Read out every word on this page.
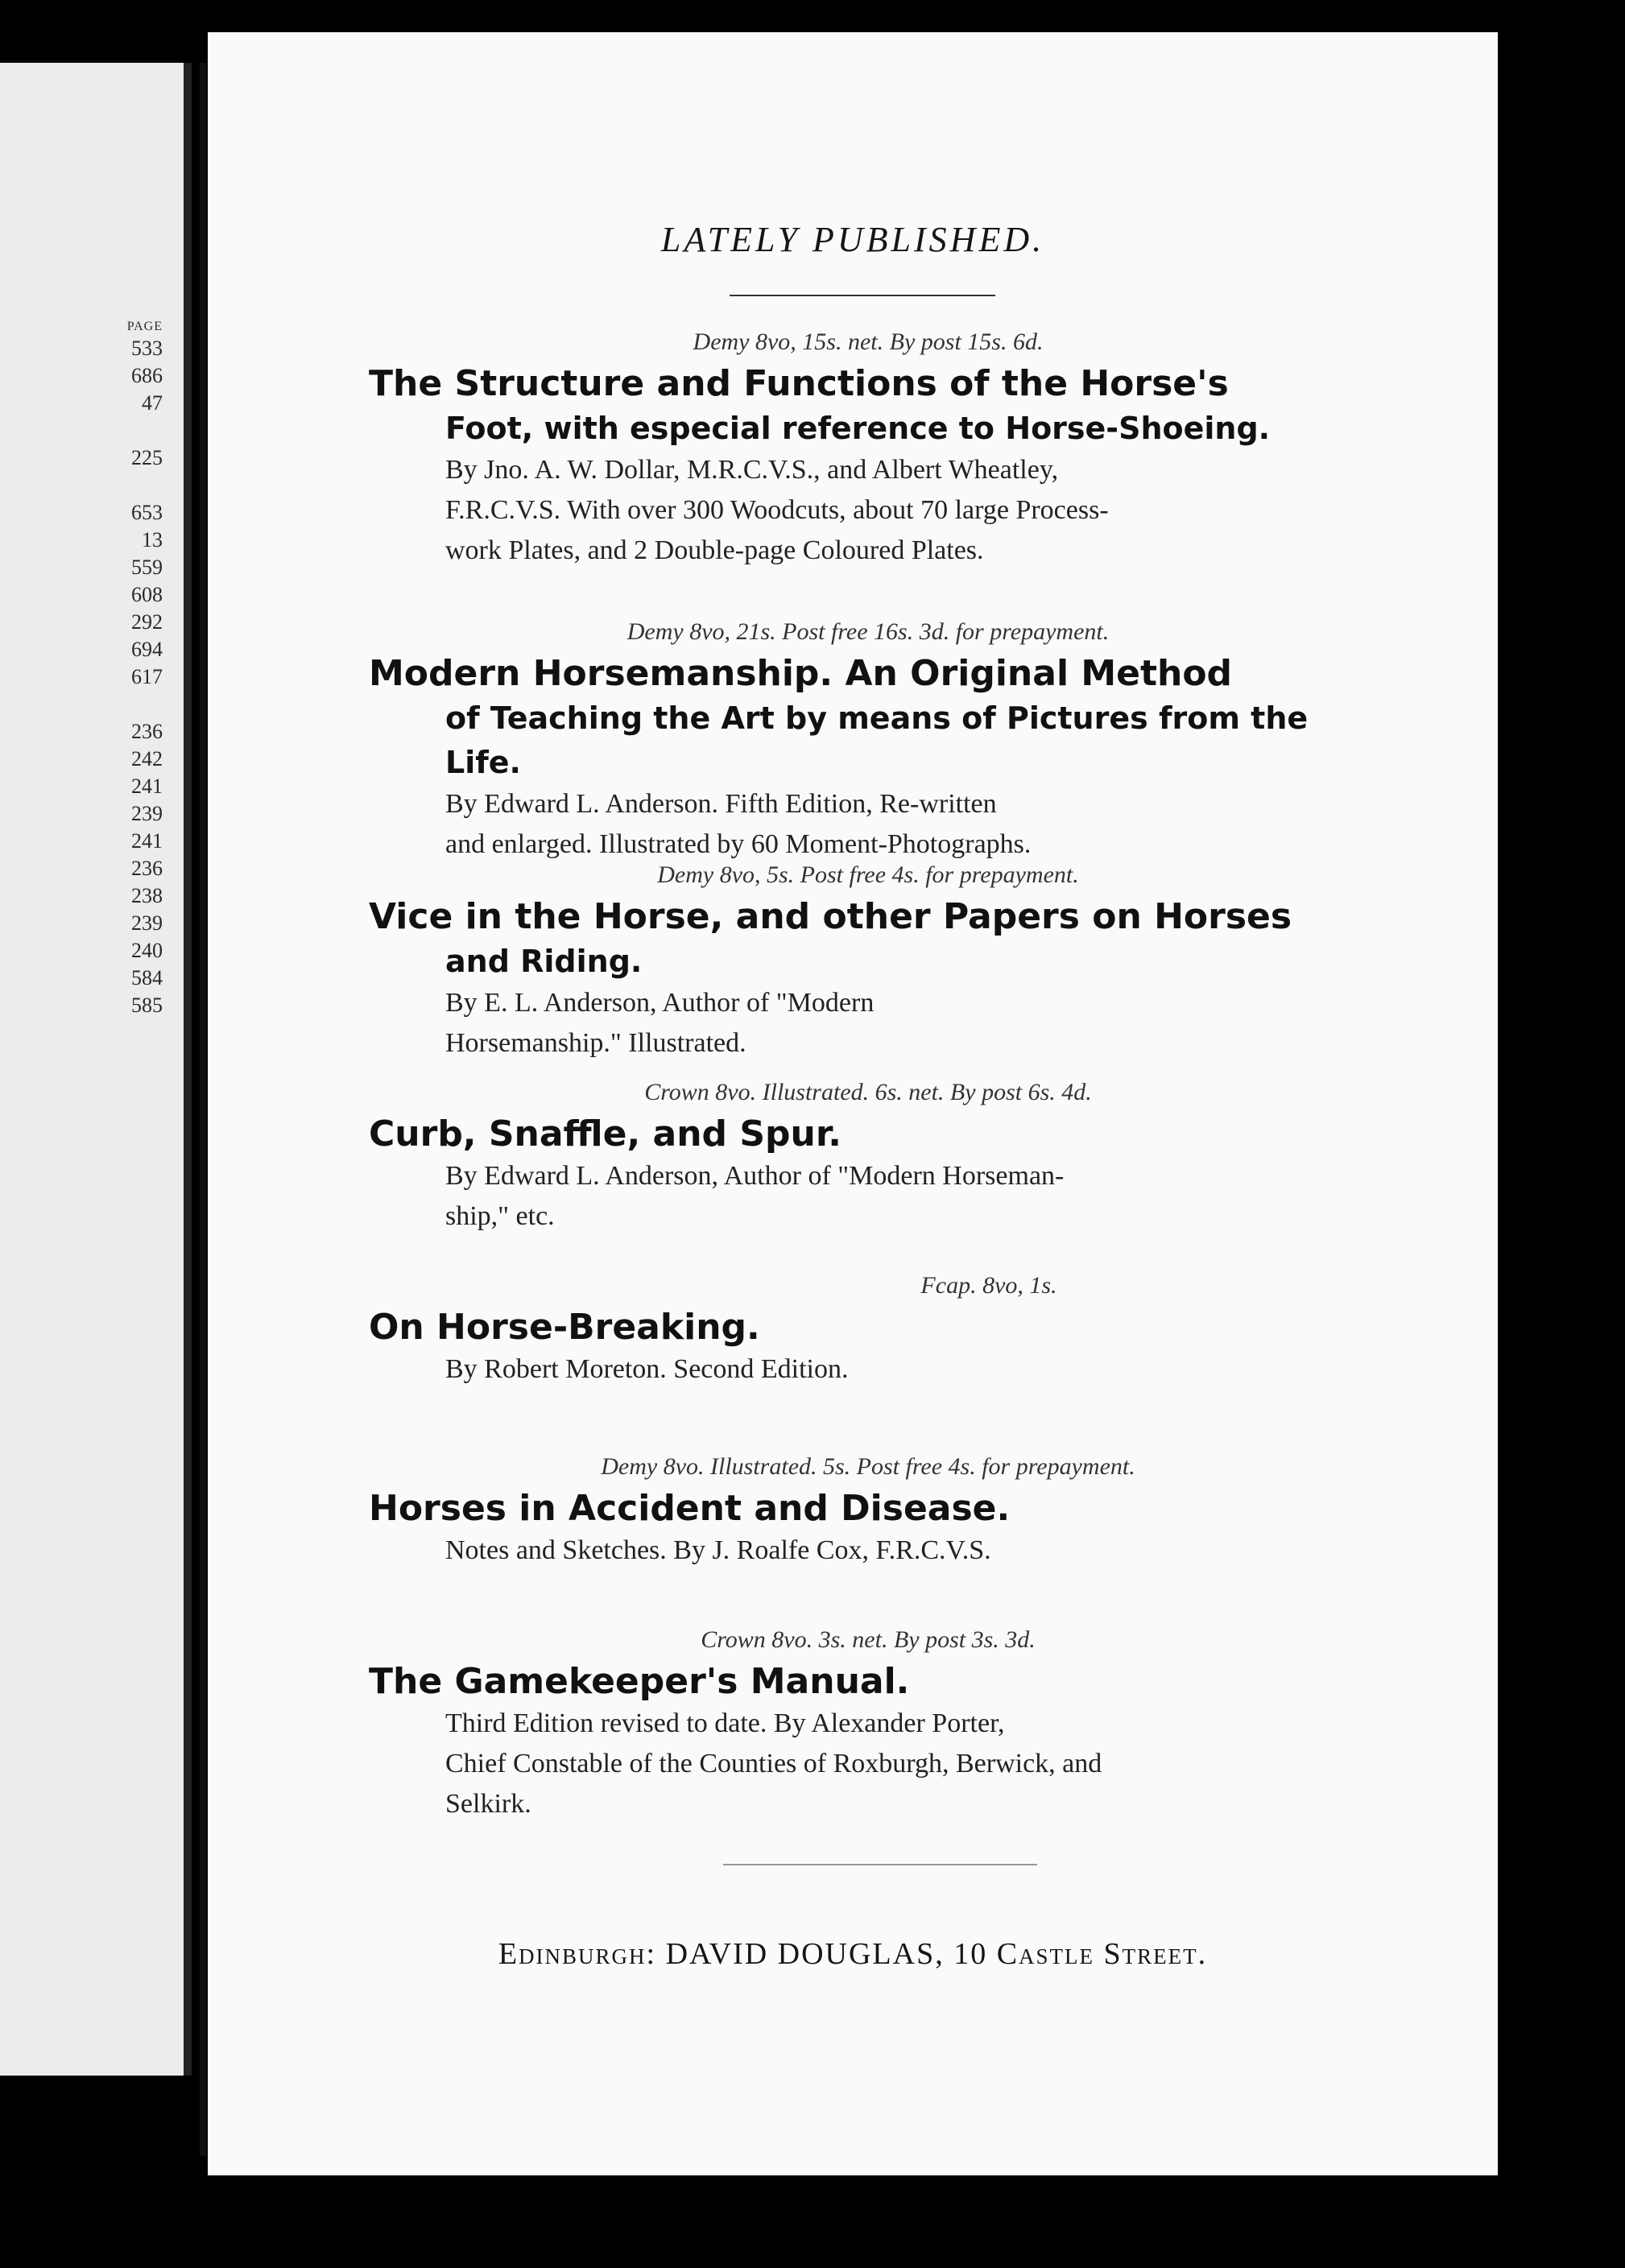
PAGE
533
686
47
225
653
13
559
608
292
694
617
236
242
241
239
241
236
238
239
240
584
585
LATELY PUBLISHED.
Demy 8vo, 15s. net. By post 15s. 6d.
The Structure and Functions of the Horse's
Foot, with especial reference to Horse-Shoeing.
By Jno. A. W. Dollar, M.R.C.V.S., and Albert Wheatley,
F.R.C.V.S. With over 300 Woodcuts, about 70 large Process-
work Plates, and 2 Double-page Coloured Plates.
Demy 8vo, 21s. Post free 16s. 3d. for prepayment.
Modern Horsemanship. An Original Method
of Teaching the Art by means of Pictures from the
Life.
By Edward L. Anderson. Fifth Edition, Re-written
and enlarged. Illustrated by 60 Moment-Photographs.
Demy 8vo, 5s. Post free 4s. for prepayment.
Vice in the Horse, and other Papers on Horses
and Riding.
By E. L. Anderson, Author of "Modern
Horsemanship." Illustrated.
Crown 8vo. Illustrated. 6s. net. By post 6s. 4d.
Curb, Snaffle, and Spur.
By Edward L. Anderson, Author of "Modern Horseman-
ship," etc.
Fcap. 8vo, 1s.
On Horse-Breaking.
By Robert Moreton. Second Edition.
Demy 8vo. Illustrated. 5s. Post free 4s. for prepayment.
Horses in Accident and Disease.
Notes and Sketches. By J. Roalfe Cox, F.R.C.V.S.
Crown 8vo. 3s. net. By post 3s. 3d.
The Gamekeeper's Manual.
Third Edition revised to date. By Alexander Porter,
Chief Constable of the Counties of Roxburgh, Berwick, and
Selkirk.
Edinburgh: DAVID DOUGLAS, 10 Castle Street.
